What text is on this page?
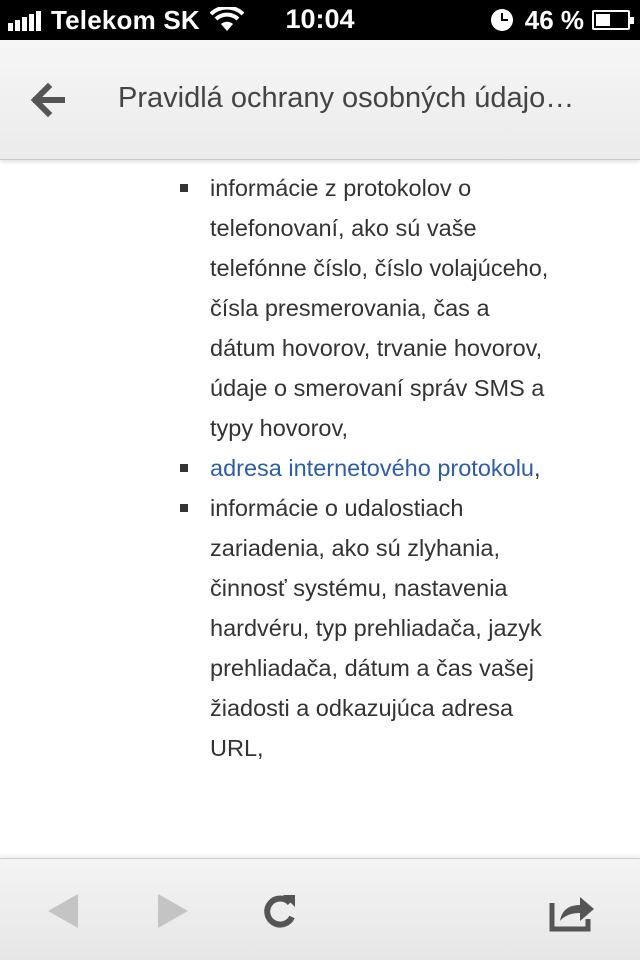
Telekom SK	10:04	46 %
Pravidlá ochrany osobných údajo…
informácie z protokolov o telefonovaní, ako sú vaše telefónne číslo, číslo volajúceho, čísla presmerovania, čas a dátum hovorov, trvanie hovorov, údaje o smerovaní správ SMS a typy hovorov,
adresa internetového protokolu,
informácie o udalostiach zariadenia, ako sú zlyhania, činnosť systému, nastavenia hardvéru, typ prehliadača, jazyk prehliadača, dátum a čas vašej žiadosti a odkazujúca adresa URL,
